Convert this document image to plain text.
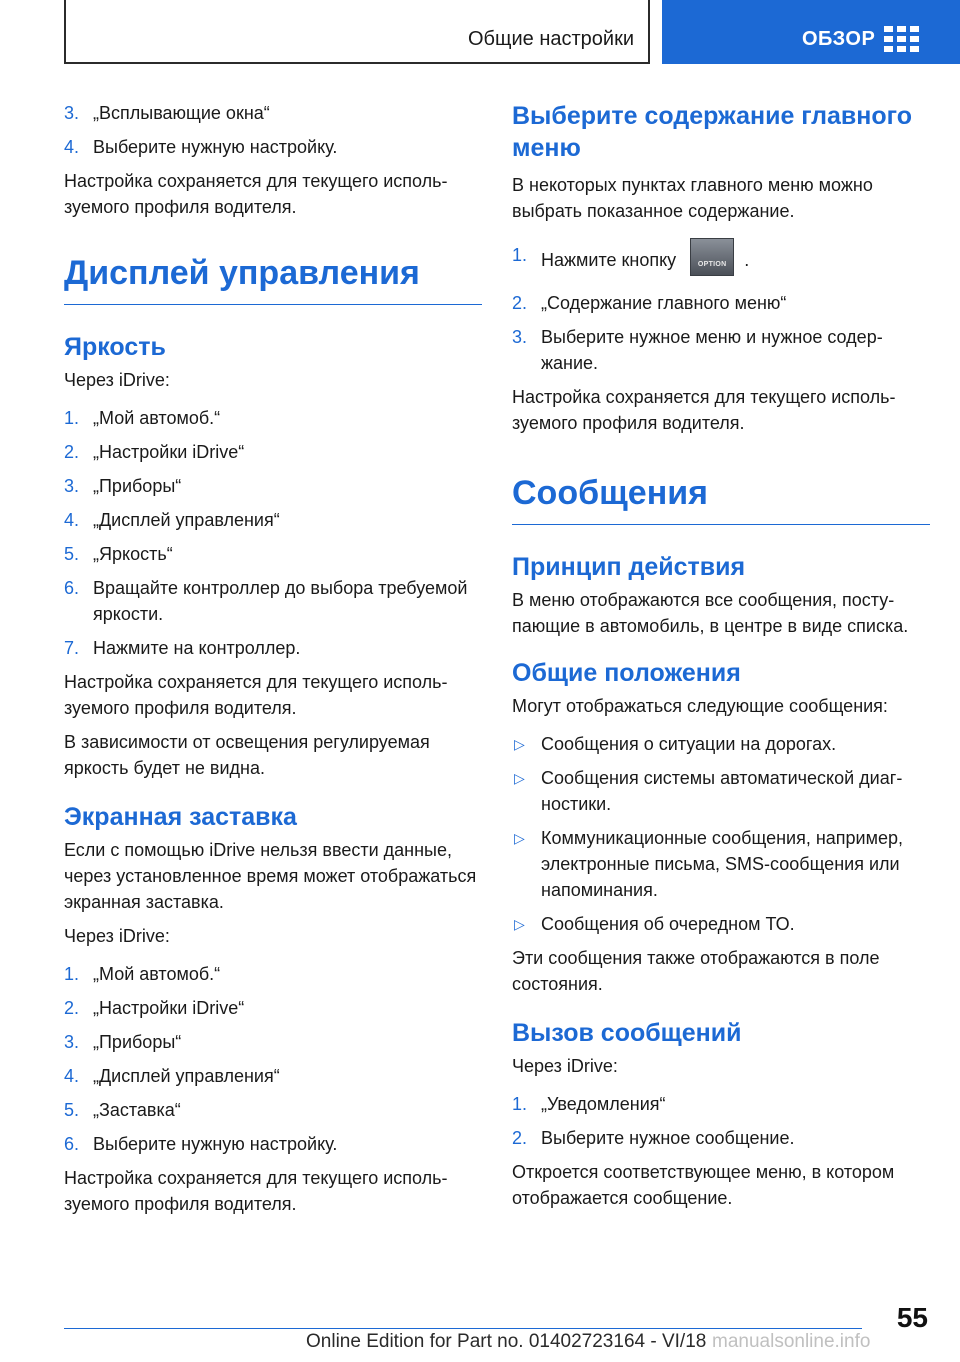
Общие настройки	ОБЗОР
3. „Всплывающие окна“
4. Выберите нужную настройку.

Настройка сохраняется для текущего используемого профиля водителя.

Дисплей управления
Яркость

Через iDrive:

1. „Мой автомоб.“
2. „Настройки iDrive“
3. „Приборы“
4. „Дисплей управления“
5. „Яркость“
6. Вращайте контроллер до выбора требуемой яркости.
7. Нажмите на контроллер.

Настройка сохраняется для текущего используемого профиля водителя.

В зависимости от освещения регулируемая яркость будет не видна.

Экранная заставка

Если с помощью iDrive нельзя ввести данные, через установленное время может отображаться экранная заставка.

Через iDrive:

1. „Мой автомоб.“
2. „Настройки iDrive“
3. „Приборы“
4. „Дисплей управления“
5. „Заставка“
6. Выберите нужную настройку.

Настройка сохраняется для текущего используемого профиля водителя.

Выберите содержание главного меню

В некоторых пунктах главного меню можно выбрать показанное содержание.

1. Нажмите кнопку	OPTION .
2. „Содержание главного меню“
3. Выберите нужное меню и нужное содержание.

Настройка сохраняется для текущего используемого профиля водителя.

Сообщения
Принцип действия

В меню отображаются все сообщения, поступающие в автомобиль, в центре в виде списка.

Общие положения

Могут отображаться следующие сообщения:

▷ Сообщения о ситуации на дорогах.
▷ Сообщения системы автоматической диагностики.
▷ Коммуникационные сообщения, например, электронные письма, SMS-сообщения или напоминания.
▷ Сообщения об очередном ТО.

Эти сообщения также отображаются в поле состояния.

Вызов сообщений

Через iDrive:

1. „Уведомления“
2. Выберите нужное сообщение.

Откроется соответствующее меню, в котором отображается сообщение.

55
Online Edition for Part no. 01402723164 - VI/18 manualsonline.info
